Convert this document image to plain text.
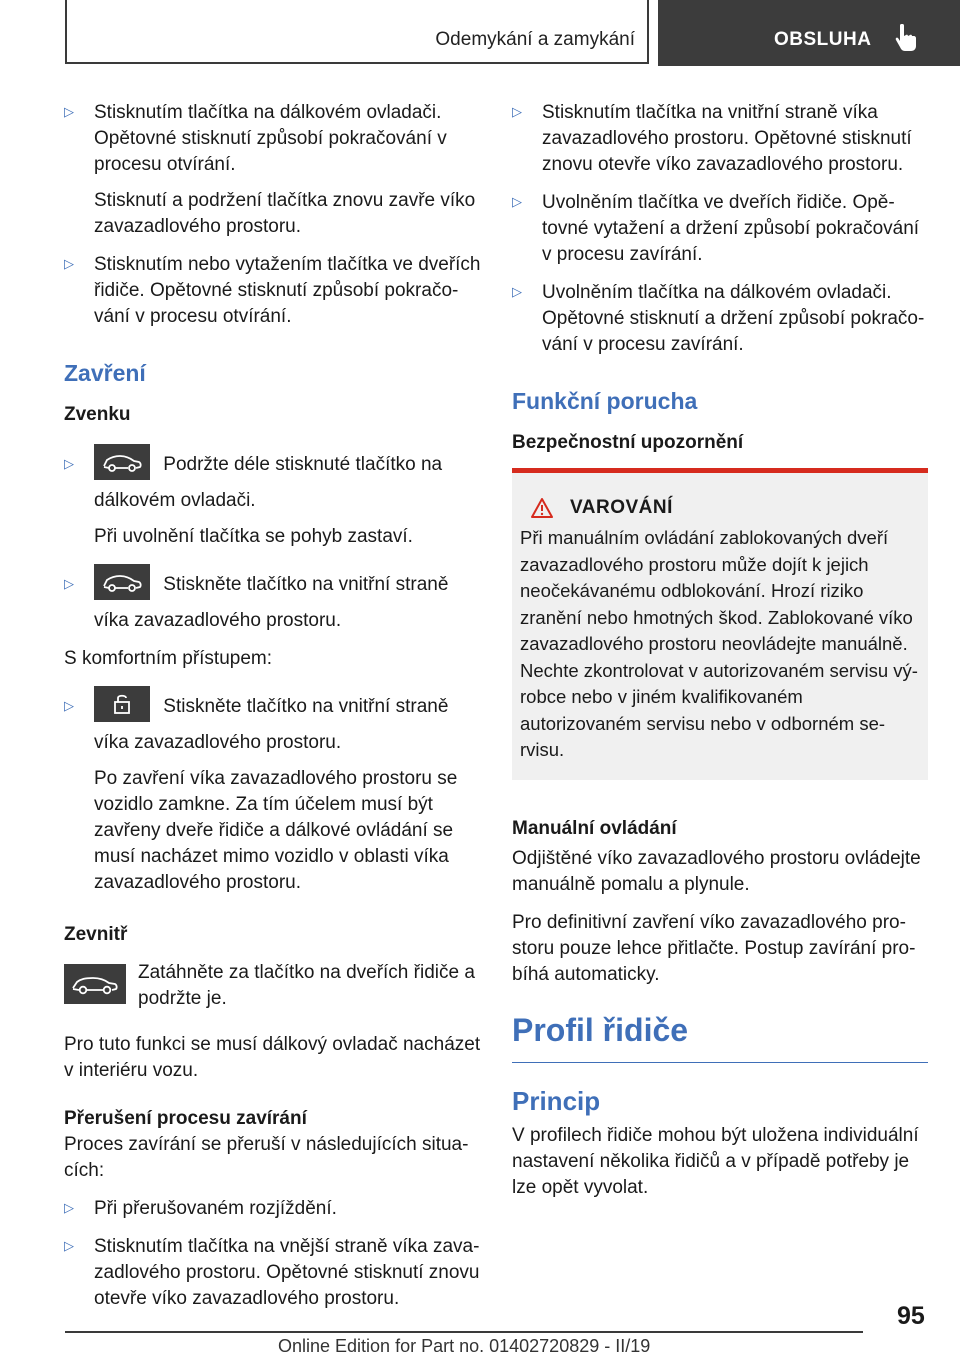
Odemykání a zamykání	OBSLUHA
▷ Stisknutím tlačítka na dálkovém ovladači. Opětovné stisknutí způsobí pokračování v procesu otvírání.

Stisknutí a podržení tlačítka znovu zavře víko zavazadlového prostoru.

▷ Stisknutím nebo vytažením tlačítka ve dveřích řidiče. Opětovné stisknutí způsobí pokračování v procesu otvírání.

Zavření
Zvenku
▷	Podržte déle stisknuté tlačítko na dálkovém ovladači.

Při uvolnění tlačítka se pohyb zastaví.

▷	Stiskněte tlačítko na vnitřní straně víka zavazadlového prostoru.

S komfortním přístupem:

▷	Stiskněte tlačítko na vnitřní straně víka zavazadlového prostoru.

Po zavření víka zavazadlového prostoru se vozidlo zamkne. Za tím účelem musí být zavřeny dveře řidiče a dálkové ovládání se musí nacházet mimo vozidlo v oblasti víka zavazadlového prostoru.

Zevnitř

Zatáhněte za tlačítko na dveřích řidiče a podržte je.

Pro tuto funkci se musí dálkový ovladač nacházet v interiéru vozu.

Přerušení procesu zavírání

Proces zavírání se přeruší v následujících situacích:

▷ Při přerušovaném rozjíždění.

▷ Stisknutím tlačítka na vnější straně víka zavazadlového prostoru. Opětovné stisknutí znovu otevře víko zavazadlového prostoru.

▷ Stisknutím tlačítka na vnitřní straně víka zavazadlového prostoru. Opětovné stisknutí znovu otevře víko zavazadlového prostoru.

▷ Uvolněním tlačítka ve dveřích řidiče. Opětovné vytažení a držení způsobí pokračování v procesu zavírání.

▷ Uvolněním tlačítka na dálkovém ovladači. Opětovné stisknutí a držení způsobí pokračování v procesu zavírání.

Funkční porucha
Bezpečnostní upozornění
VAROVÁNÍ

Při manuálním ovládání zablokovaných dveří zavazadlového prostoru může dojít k jejich neočekávanému odblokování. Hrozí riziko zranění nebo hmotných škod. Zablokované víko zavazadlového prostoru neovládejte manuálně. Nechte zkontrolovat v autorizovaném servisu výrobce nebo v jiném kvalifikovaném autorizovaném servisu nebo v odborném servisu.

Manuální ovládání

Odjištěné víko zavazadlového prostoru ovládejte manuálně pomalu a plynule.

Pro definitivní zavření víko zavazadlového prostoru pouze lehce přitlačte. Postup zavírání probíhá automaticky.

Profil řidiče
Princip

V profilech řidiče mohou být uložena individuální nastavení několika řidičů a v případě potřeby je lze opět vyvolat.

95
Online Edition for Part no. 01402720829 - II/19
